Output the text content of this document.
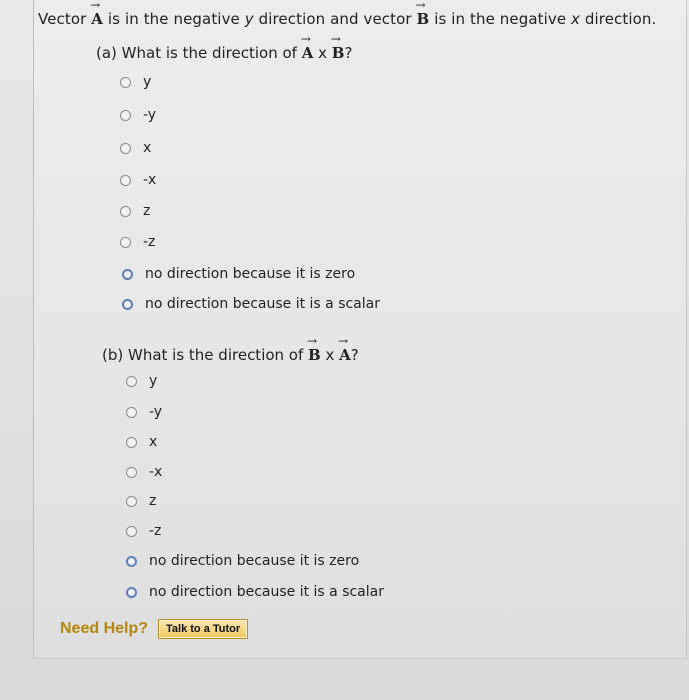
Vector → A is in the negative y direction and vector → B is in the negative x direction.
(a) What is the direction of → A x → B?
y
-y
x
-x
z
-z
no direction because it is zero
no direction because it is a scalar
(b) What is the direction of → B x → A?
y
-y
x
-x
z
-z
no direction because it is zero
no direction because it is a scalar
Need Help?	Talk to a Tutor
